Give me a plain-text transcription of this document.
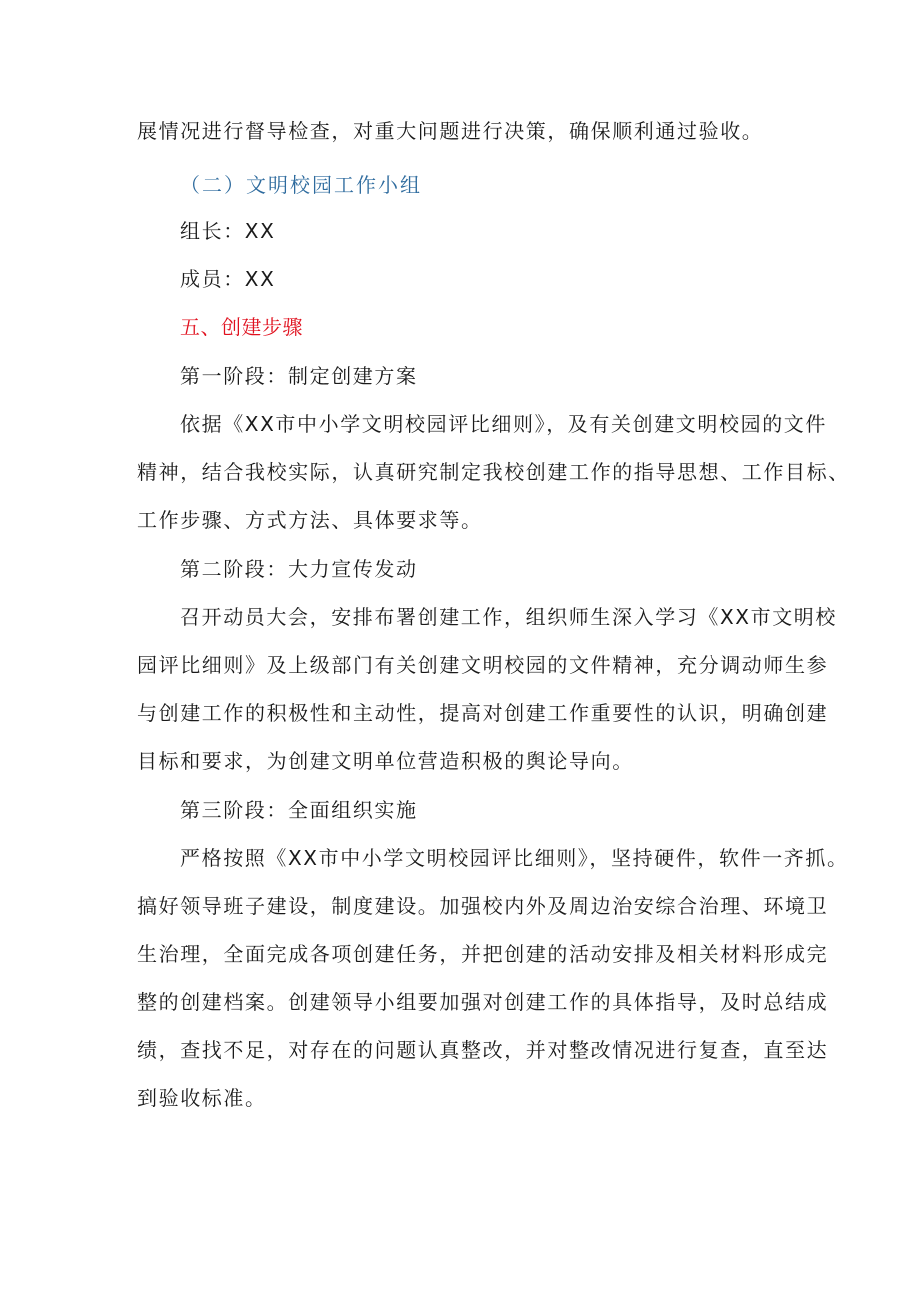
展情况进行督导检查，对重大问题进行决策，确保顺利通过验收。
（二）文明校园工作小组
组长：XX
成员：XX
五、创建步骤
第一阶段：制定创建方案
依据《XX市中小学文明校园评比细则》，及有关创建文明校园的文件
精神，结合我校实际，认真研究制定我校创建工作的指导思想、工作目标、
工作步骤、方式方法、具体要求等。
第二阶段：大力宣传发动
召开动员大会，安排布署创建工作，组织师生深入学习《XX市文明校
园评比细则》及上级部门有关创建文明校园的文件精神，充分调动师生参
与创建工作的积极性和主动性，提高对创建工作重要性的认识，明确创建
目标和要求，为创建文明单位营造积极的舆论导向。
第三阶段：全面组织实施
严格按照《XX市中小学文明校园评比细则》，坚持硬件，软件一齐抓。
搞好领导班子建设，制度建设。加强校内外及周边治安综合治理、环境卫
生治理，全面完成各项创建任务，并把创建的活动安排及相关材料形成完
整的创建档案。创建领导小组要加强对创建工作的具体指导，及时总结成
绩，查找不足，对存在的问题认真整改，并对整改情况进行复查，直至达
到验收标准。
